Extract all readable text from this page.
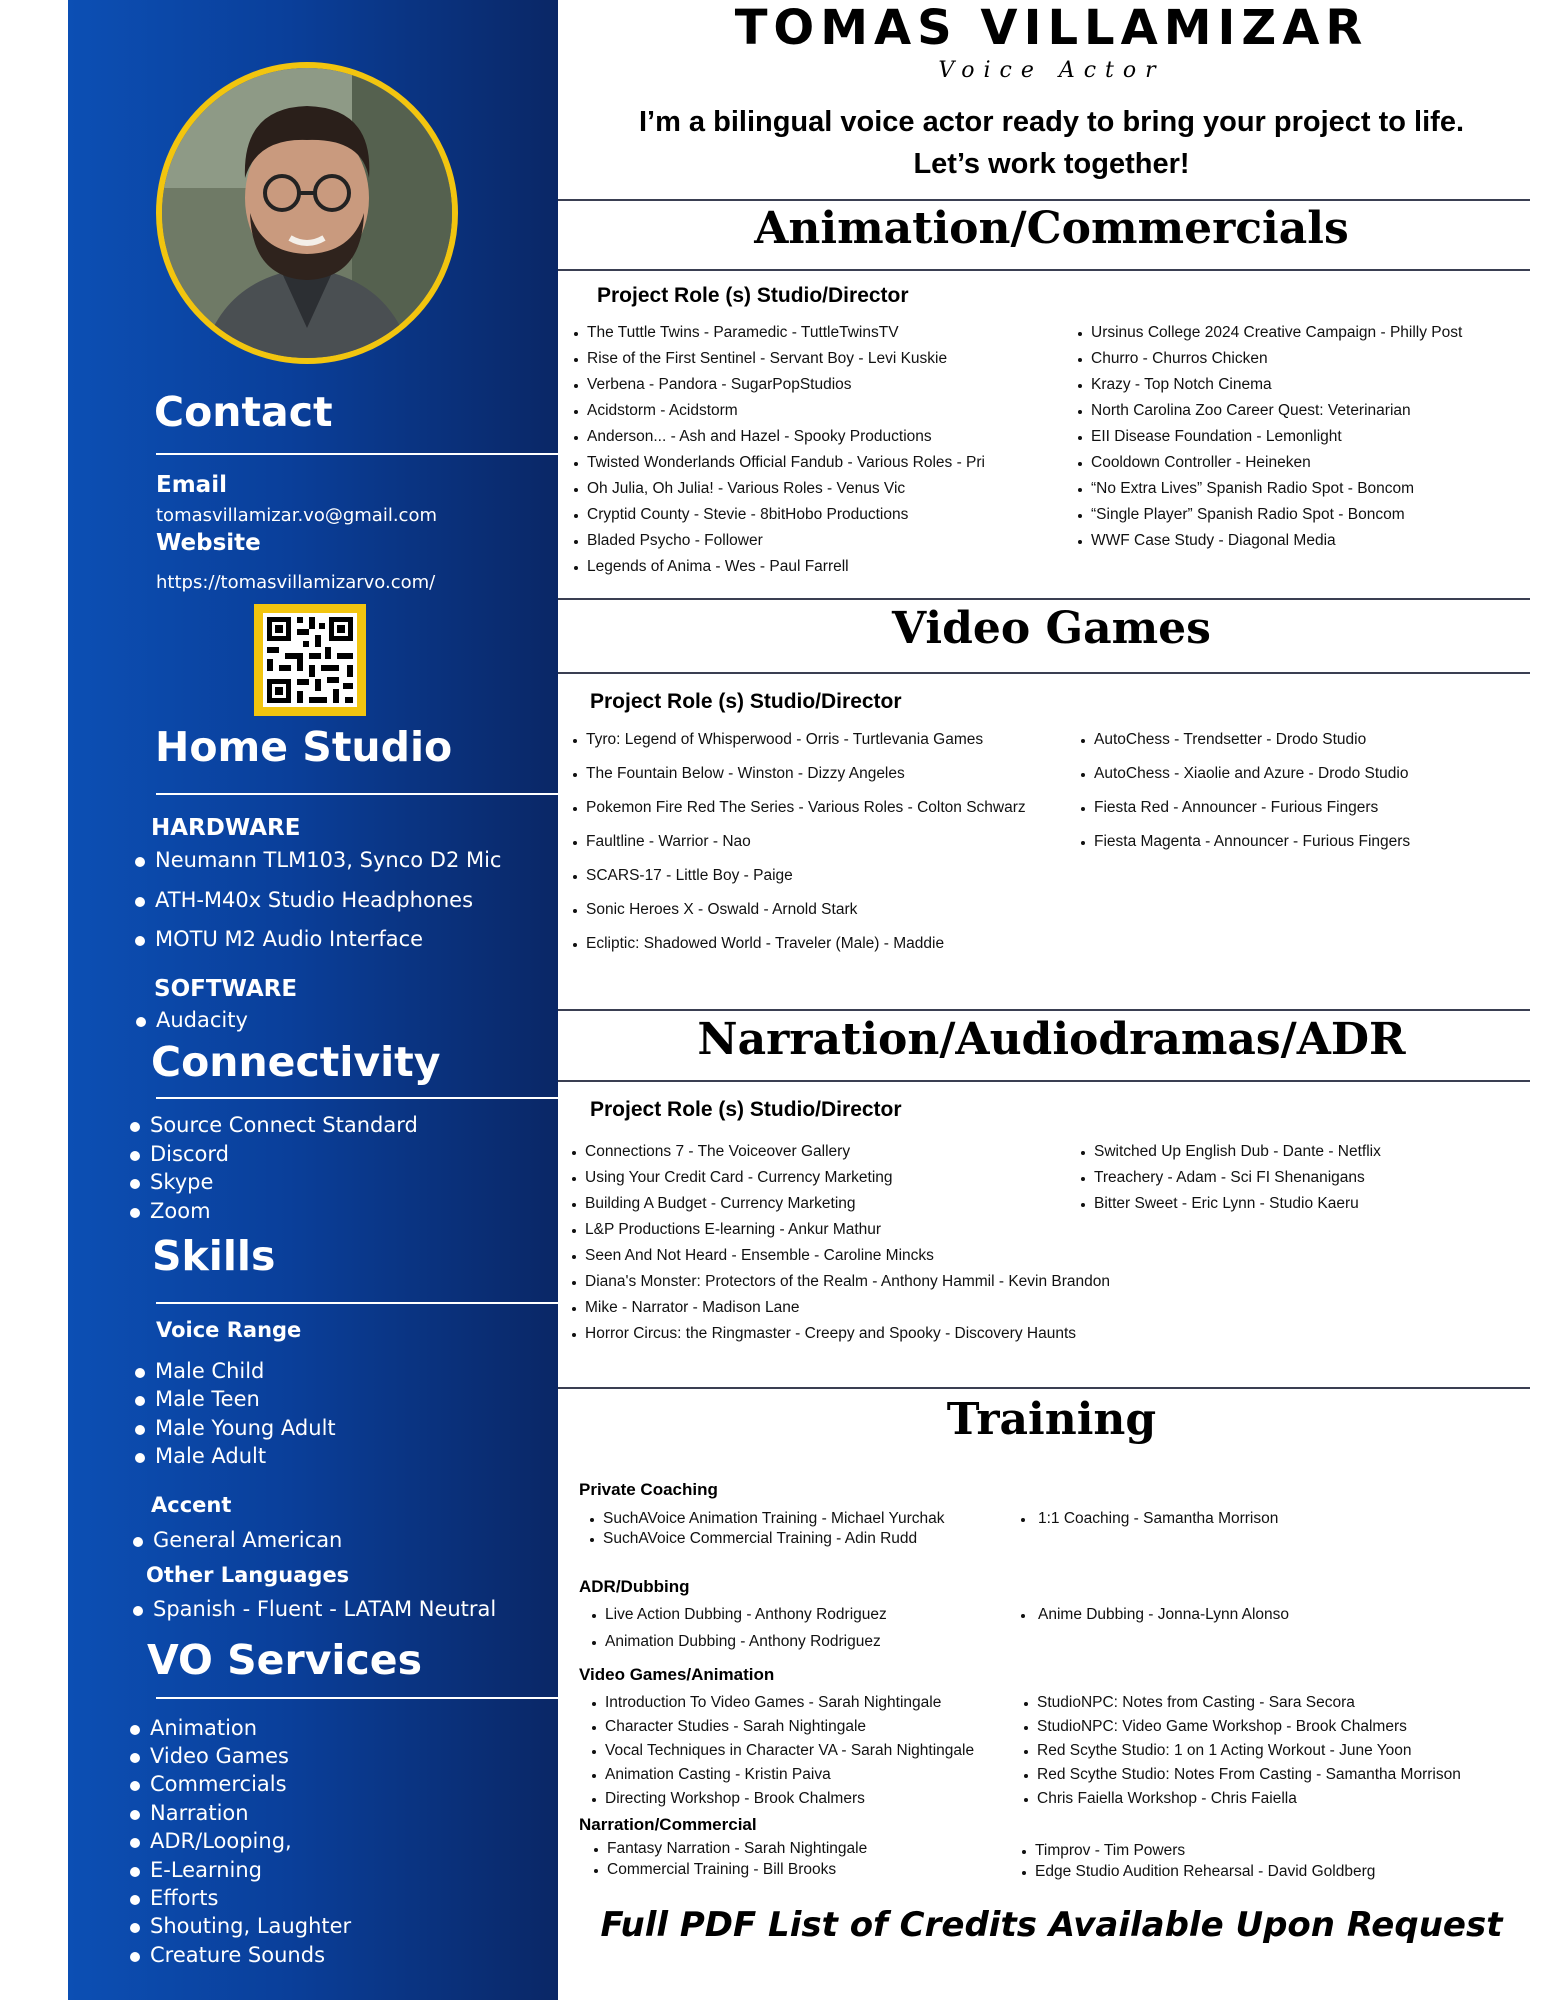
Contact
Email
tomasvillamizar.vo@gmail.com
Website
https://tomasvillamizarvo.com/
Home Studio
HARDWARE
Neumann TLM103, Synco D2 Mic
ATH-M40x Studio Headphones
MOTU M2 Audio Interface
SOFTWARE
Audacity
Connectivity
Source Connect Standard
Discord
Skype
Zoom
Skills
Voice Range
Male Child
Male Teen
Male Young Adult
Male Adult
Accent
General American
Other Languages
Spanish - Fluent - LATAM Neutral
VO Services
Animation
Video Games
Commercials
Narration
ADR/Looping,
E-Learning
Efforts
Shouting, Laughter
Creature Sounds
TOMAS VILLAMIZAR
Voice Actor
I’m a bilingual voice actor ready to bring your project to life.
Let’s work together!
Animation/Commercials
Project Role (s) Studio/Director
The Tuttle Twins - Paramedic - TuttleTwinsTV
Rise of the First Sentinel - Servant Boy - Levi Kuskie
Verbena - Pandora - SugarPopStudios
Acidstorm - Acidstorm
Anderson... - Ash and Hazel - Spooky Productions
Twisted Wonderlands Official Fandub - Various Roles - Pri
Oh Julia, Oh Julia! - Various Roles - Venus Vic
Cryptid County - Stevie - 8bitHobo Productions
Bladed Psycho - Follower
Legends of Anima - Wes - Paul Farrell
Ursinus College 2024 Creative Campaign - Philly Post
Churro - Churros Chicken
Krazy - Top Notch Cinema
North Carolina Zoo Career Quest: Veterinarian
EII Disease Foundation - Lemonlight
Cooldown Controller - Heineken
“No Extra Lives” Spanish Radio Spot - Boncom
“Single Player” Spanish Radio Spot - Boncom
WWF Case Study - Diagonal Media
Video Games
Project Role (s) Studio/Director
Tyro: Legend of Whisperwood - Orris - Turtlevania Games
The Fountain Below - Winston - Dizzy Angeles
Pokemon Fire Red The Series - Various Roles - Colton Schwarz
Faultline - Warrior - Nao
SCARS-17 - Little Boy - Paige
Sonic Heroes X - Oswald - Arnold Stark
Ecliptic: Shadowed World - Traveler (Male) - Maddie
AutoChess - Trendsetter - Drodo Studio
AutoChess - Xiaolie and Azure - Drodo Studio
Fiesta Red - Announcer - Furious Fingers
Fiesta Magenta - Announcer - Furious Fingers
Narration/Audiodramas/ADR
Project Role (s) Studio/Director
Connections 7 - The Voiceover Gallery
Using Your Credit Card - Currency Marketing
Building A Budget - Currency Marketing
L&P Productions E-learning - Ankur Mathur
Seen And Not Heard - Ensemble - Caroline Mincks
Diana's Monster: Protectors of the Realm - Anthony Hammil - Kevin Brandon
Mike - Narrator - Madison Lane
Horror Circus: the Ringmaster - Creepy and Spooky - Discovery Haunts
Switched Up English Dub - Dante - Netflix
Treachery - Adam - Sci FI Shenanigans
Bitter Sweet - Eric Lynn - Studio Kaeru
Training
Private Coaching
SuchAVoice Animation Training - Michael Yurchak
SuchAVoice Commercial Training - Adin Rudd
1:1 Coaching - Samantha Morrison
ADR/Dubbing
Live Action Dubbing - Anthony Rodriguez
Animation Dubbing - Anthony Rodriguez
Anime Dubbing - Jonna-Lynn Alonso
Video Games/Animation
Introduction To Video Games - Sarah Nightingale
Character Studies - Sarah Nightingale
Vocal Techniques in Character VA - Sarah Nightingale
Animation Casting - Kristin Paiva
Directing Workshop - Brook Chalmers
StudioNPC: Notes from Casting - Sara Secora
StudioNPC: Video Game Workshop - Brook Chalmers
Red Scythe Studio: 1 on 1 Acting Workout - June Yoon
Red Scythe Studio: Notes From Casting - Samantha Morrison
Chris Faiella Workshop - Chris Faiella
Narration/Commercial
Fantasy Narration - Sarah Nightingale
Commercial Training - Bill Brooks
Timprov - Tim Powers
Edge Studio Audition Rehearsal - David Goldberg
Full PDF List of Credits Available Upon Request
